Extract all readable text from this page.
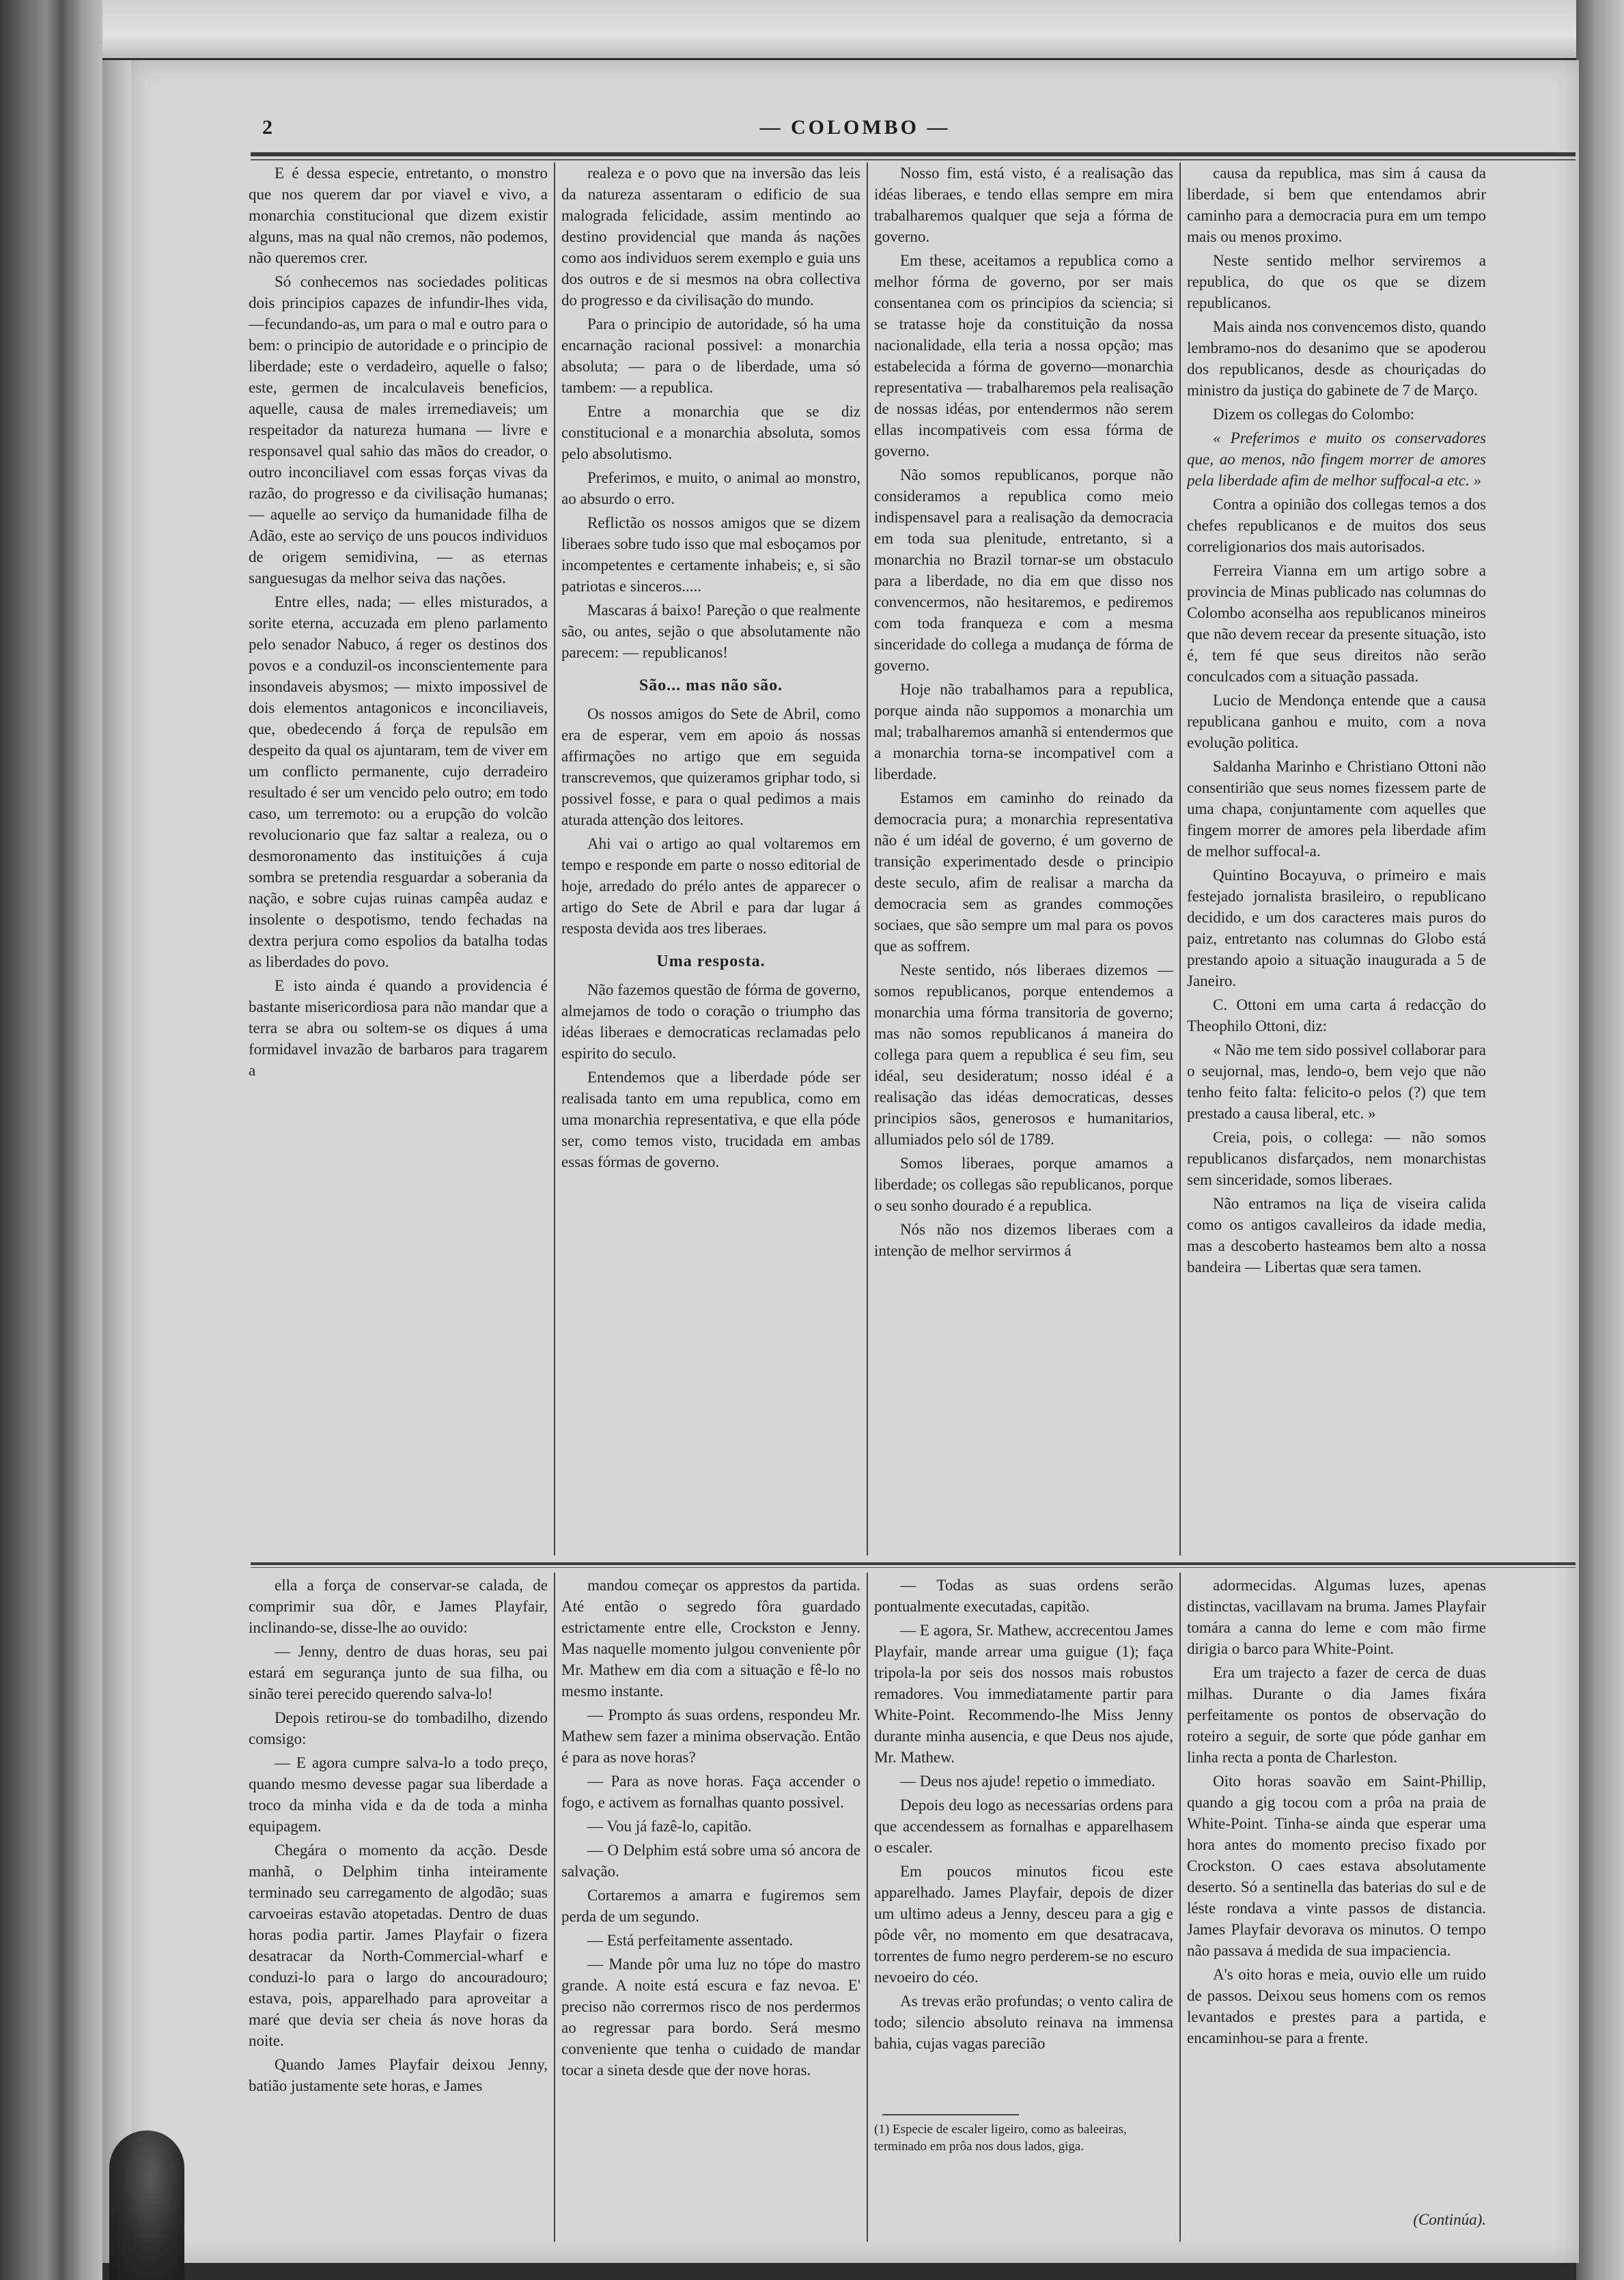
2	— COLOMBO —

E é dessa especie, entretanto, o monstro que nos querem dar por viavel e vivo, a monarchia constitucional que dizem existir alguns, mas na qual não cremos, não podemos, não queremos crer.

Só conhecemos nas sociedades politicas dois principios capazes de infundir-lhes vida,—fecundando-as, um para o mal e outro para o bem: o principio de autoridade e o principio de liberdade; este o verdadeiro, aquelle o falso; este, germen de incalculaveis beneficios, aquelle, causa de males irremediaveis; um respeitador da natureza humana — livre e responsavel qual sahio das mãos do creador, o outro inconciliavel com essas forças vivas da razão, do progresso e da civilisação humanas; — aquelle ao serviço da humanidade filha de Adão, este ao serviço de uns poucos individuos de origem semidivina, — as eternas sanguesugas da melhor seiva das nações.

Entre elles, nada; — elles misturados, a sorite eterna, accuzada em pleno parlamento pelo senador Nabuco, á reger os destinos dos povos e a conduzil-os inconscientemente para insondaveis abysmos; — mixto impossivel de dois elementos antagonicos e inconciliaveis, que, obedecendo á força de repulsão em despeito da qual os ajuntaram, tem de viver em um conflicto permanente, cujo derradeiro resultado é ser um vencido pelo outro; em todo caso, um terremoto: ou a erupção do volcão revolucionario que faz saltar a realeza, ou o desmoronamento das instituições á cuja sombra se pretendia resguardar a soberania da nação, e sobre cujas ruinas campêa audaz e insolente o despotismo, tendo fechadas na dextra perjura como espolios da batalha todas as liberdades do povo.

E isto ainda é quando a providencia é bastante misericordiosa para não mandar que a terra se abra ou soltem-se os diques á uma formidavel invazão de barbaros para tragarem a

realeza e o povo que na inversão das leis da natureza assentaram o edificio de sua malograda felicidade, assim mentindo ao destino providencial que manda ás nações como aos individuos serem exemplo e guia uns dos outros e de si mesmos na obra collectiva do progresso e da civilisação do mundo.

Para o principio de autoridade, só ha uma encarnação racional possivel: a monarchia absoluta; — para o de liberdade, uma só tambem: — a republica.

Entre a monarchia que se diz constitucional e a monarchia absoluta, somos pelo absolutismo.

Preferimos, e muito, o animal ao monstro, ao absurdo o erro.

Reflictão os nossos amigos que se dizem liberaes sobre tudo isso que mal esboçamos por incompetentes e certamente inhabeis; e, si são patriotas e sinceros.....

Mascaras á baixo! Pareção o que realmente são, ou antes, sejão o que absolutamente não parecem: — republicanos!

São... mas não são.

Os nossos amigos do Sete de Abril, como era de esperar, vem em apoio ás nossas affirmações no artigo que em seguida transcrevemos, que quizeramos griphar todo, si possivel fosse, e para o qual pedimos a mais aturada attenção dos leitores.

Ahi vai o artigo ao qual voltaremos em tempo e responde em parte o nosso editorial de hoje, arredado do prélo antes de apparecer o artigo do Sete de Abril e para dar lugar á resposta devida aos tres liberaes.

Uma resposta.

Não fazemos questão de fórma de governo, almejamos de todo o coração o triumpho das idéas liberaes e democraticas reclamadas pelo espirito do seculo.

Entendemos que a liberdade póde ser realisada tanto em uma republica, como em uma monarchia representativa, e que ella póde ser, como temos visto, trucidada em ambas essas fórmas de governo.

Nosso fim, está visto, é a realisação das idéas liberaes, e tendo ellas sempre em mira trabalharemos qualquer que seja a fórma de governo.

Em these, aceitamos a republica como a melhor fórma de governo, por ser mais consentanea com os principios da sciencia; si se tratasse hoje da constituição da nossa nacionalidade, ella teria a nossa opção; mas estabelecida a fórma de governo—monarchia representativa — trabalharemos pela realisação de nossas idéas, por entendermos não serem ellas incompativeis com essa fórma de governo.

Não somos republicanos, porque não consideramos a republica como meio indispensavel para a realisação da democracia em toda sua plenitude, entretanto, si a monarchia no Brazil tornar-se um obstaculo para a liberdade, no dia em que disso nos convencermos, não hesitaremos, e pediremos com toda franqueza e com a mesma sinceridade do collega a mudança de fórma de governo.

Hoje não trabalhamos para a republica, porque ainda não suppomos a monarchia um mal; trabalharemos amanhã si entendermos que a monarchia torna-se incompativel com a liberdade.

Estamos em caminho do reinado da democracia pura; a monarchia representativa não é um idéal de governo, é um governo de transição experimentado desde o principio deste seculo, afim de realisar a marcha da democracia sem as grandes commoções sociaes, que são sempre um mal para os povos que as soffrem.

Neste sentido, nós liberaes dizemos — somos republicanos, porque entendemos a monarchia uma fórma transitoria de governo; mas não somos republicanos á maneira do collega para quem a republica é seu fim, seu idéal, seu desideratum; nosso idéal é a realisação das idéas democraticas, desses principios sãos, generosos e humanitarios, allumiados pelo sól de 1789.

Somos liberaes, porque amamos a liberdade; os collegas são republicanos, porque o seu sonho dourado é a republica.

Nós não nos dizemos liberaes com a intenção de melhor servirmos á

causa da republica, mas sim á causa da liberdade, si bem que entendamos abrir caminho para a democracia pura em um tempo mais ou menos proximo.

Neste sentido melhor serviremos a republica, do que os que se dizem republicanos.

Mais ainda nos convencemos disto, quando lembramo-nos do desanimo que se apoderou dos republicanos, desde as chouriçadas do ministro da justiça do gabinete de 7 de Março.

Dizem os collegas do Colombo:

« Preferimos e muito os conservadores que, ao menos, não fingem morrer de amores pela liberdade afim de melhor suffocal-a etc. »

Contra a opinião dos collegas temos a dos chefes republicanos e de muitos dos seus correligionarios dos mais autorisados.

Ferreira Vianna em um artigo sobre a provincia de Minas publicado nas columnas do Colombo aconselha aos republicanos mineiros que não devem recear da presente situação, isto é, tem fé que seus direitos não serão conculcados com a situação passada.

Lucio de Mendonça entende que a causa republicana ganhou e muito, com a nova evolução politica.

Saldanha Marinho e Christiano Ottoni não consentirião que seus nomes fizessem parte de uma chapa, conjuntamente com aquelles que fingem morrer de amores pela liberdade afim de melhor suffocal-a.

Quintino Bocayuva, o primeiro e mais festejado jornalista brasileiro, o republicano decidido, e um dos caracteres mais puros do paiz, entretanto nas columnas do Globo está prestando apoio a situação inaugurada a 5 de Janeiro.

C. Ottoni em uma carta á redacção do Theophilo Ottoni, diz:

« Não me tem sido possivel collaborar para o seujornal, mas, lendo-o, bem vejo que não tenho feito falta: felicito-o pelos (?) que tem prestado a causa liberal, etc. »

Creia, pois, o collega: — não somos republicanos disfarçados, nem monarchistas sem sinceridade, somos liberaes.

Não entramos na liça de viseira calida como os antigos cavalleiros da idade media, mas a descoberto hasteamos bem alto a nossa bandeira — Libertas quæ sera tamen.

ella a força de conservar-se calada, de comprimir sua dôr, e James Playfair, inclinando-se, disse-lhe ao ouvido:

— Jenny, dentro de duas horas, seu pai estará em segurança junto de sua filha, ou sinão terei perecido querendo salva-lo!

Depois retirou-se do tombadilho, dizendo comsigo:

— E agora cumpre salva-lo a todo preço, quando mesmo devesse pagar sua liberdade a troco da minha vida e da de toda a minha equipagem.

Chegára o momento da acção. Desde manhã, o Delphim tinha inteiramente terminado seu carregamento de algodão; suas carvoeiras estavão atopetadas. Dentro de duas horas podia partir. James Playfair o fizera desatracar da North-Commercial-wharf e conduzi-lo para o largo do ancouradouro; estava, pois, apparelhado para aproveitar a maré que devia ser cheia ás nove horas da noite.

Quando James Playfair deixou Jenny, batião justamente sete horas, e James

mandou começar os apprestos da partida. Até então o segredo fôra guardado estrictamente entre elle, Crockston e Jenny. Mas naquelle momento julgou conveniente pôr Mr. Mathew em dia com a situação e fê-lo no mesmo instante.

— Prompto ás suas ordens, respondeu Mr. Mathew sem fazer a minima observação. Então é para as nove horas?

— Para as nove horas. Faça accender o fogo, e activem as fornalhas quanto possivel.

— Vou já fazê-lo, capitão.

— O Delphim está sobre uma só ancora de salvação.

Cortaremos a amarra e fugiremos sem perda de um segundo.

— Está perfeitamente assentado.

— Mande pôr uma luz no tópe do mastro grande. A noite está escura e faz nevoa. E' preciso não corrermos risco de nos perdermos ao regressar para bordo. Será mesmo conveniente que tenha o cuidado de mandar tocar a sineta desde que der nove horas.

— Todas as suas ordens serão pontualmente executadas, capitão.

— E agora, Sr. Mathew, accrecentou James Playfair, mande arrear uma guigue (1); faça tripola-la por seis dos nossos mais robustos remadores. Vou immediatamente partir para White-Point. Recommendo-lhe Miss Jenny durante minha ausencia, e que Deus nos ajude, Mr. Mathew.

— Deus nos ajude! repetio o immediato.

Depois deu logo as necessarias ordens para que accendessem as fornalhas e apparelhasem o escaler.

Em poucos minutos ficou este apparelhado. James Playfair, depois de dizer um ultimo adeus a Jenny, desceu para a gig e pôde vêr, no momento em que desatracava, torrentes de fumo negro perderem-se no escuro nevoeiro do céo.

As trevas erão profundas; o vento calira de todo; silencio absoluto reinava na immensa bahia, cujas vagas parecião

(1) Especie de escaler ligeiro, como as baleeiras, terminado em prôa nos dous lados, giga.

adormecidas. Algumas luzes, apenas distinctas, vacillavam na bruma. James Playfair tomára a canna do leme e com mão firme dirigia o barco para White-Point.

Era um trajecto a fazer de cerca de duas milhas. Durante o dia James fixára perfeitamente os pontos de observação do roteiro a seguir, de sorte que póde ganhar em linha recta a ponta de Charleston.

Oito horas soavão em Saint-Phillip, quando a gig tocou com a prôa na praia de White-Point. Tinha-se ainda que esperar uma hora antes do momento preciso fixado por Crockston. O caes estava absolutamente deserto. Só a sentinella das baterias do sul e de léste rondava a vinte passos de distancia. James Playfair devorava os minutos. O tempo não passava á medida de sua impaciencia.

A's oito horas e meia, ouvio elle um ruido de passos. Deixou seus homens com os remos levantados e prestes para a partida, e encaminhou-se para a frente.

(Continúa).
